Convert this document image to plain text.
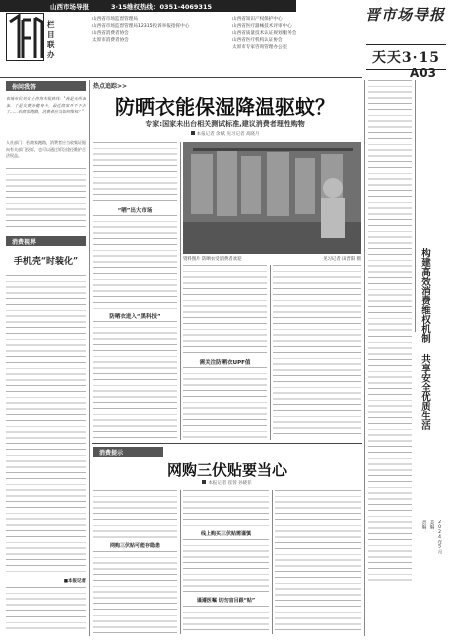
山西市场导报	3·15维权热线：0351-4069315
栏目联办
山西省市场监督管理局
山西省市场监督管理局12315投诉举报指挥中心
山西省消费者协会
太原市消费者协会
山西省知识产权保护中心
山西省医疗器械技术评审中心
山西省质量技术认证规划服务会
山西省医疗机构认证协会
太原市专家咨询管理办公室
晋市场导报
天天3·15
A03
你问我答
省城市民刘女士咨询本报热线："我是无所事事，于是交费办健身卡，最近商家开不下去了……若商家跑路，消费者应当如何维权？"
人社部门：若商家跑路，消费者应当收集证据向有关部门投诉，也可以通过诉讼途径维护合法权益。
消费视界
手机壳“时装化”
■本报记者
热点追踪>>
防晒衣能保湿降温驱蚊？
专家:国家未出台相关测试标准,建议消费者理性购物
本报记者 余斌 见习记者 高晓月
“晒”出大市场
防晒衣进入“黑科技”
资料图片 防晒衣受消费者欢迎	见习记者 田晋阳 摄
需关注防晒衣UPF值	构建高效消费维权机制 共享安全优质生活
责编： 美编： 2024年5月
消费提示
网购三伏贴要当心
本报记者 崔蓉 孙晓菲
网购三伏贴可能存隐患
线上购买三伏贴需谨慎
谨遵医嘱 切勿盲目跟“贴”
